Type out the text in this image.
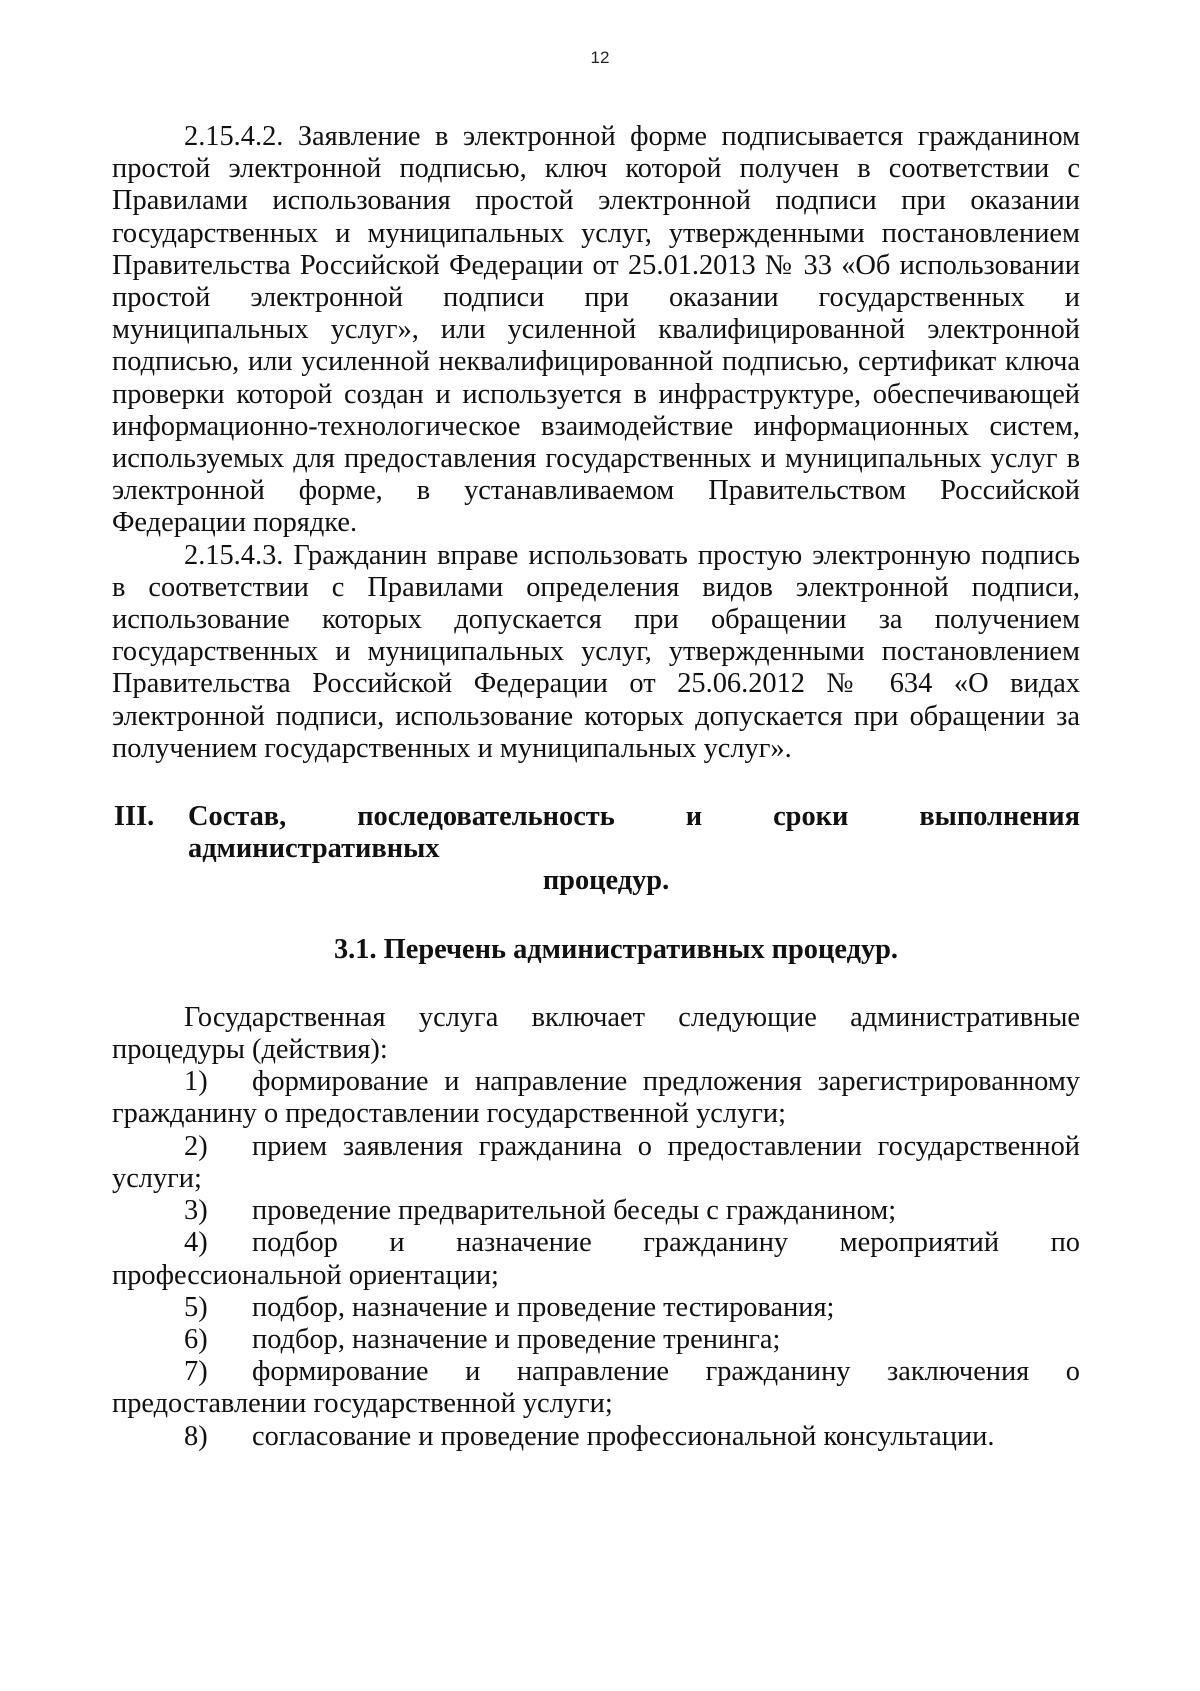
12

2.15.4.2. Заявление в электронной форме подписывается гражданином простой электронной подписью, ключ которой получен в соответствии с Правилами использования простой электронной подписи при оказании государственных и муниципальных услуг, утвержденными постановлением Правительства Российской Федерации от 25.01.2013 № 33 «Об использовании простой электронной подписи при оказании государственных и муниципальных услуг», или усиленной квалифицированной электронной подписью, или усиленной неквалифицированной подписью, сертификат ключа проверки которой создан и используется в инфраструктуре, обеспечивающей информационно-технологическое взаимодействие информационных систем, используемых для предоставления государственных и муниципальных услуг в электронной форме, в устанавливаемом Правительством Российской Федерации порядке.

2.15.4.3. Гражданин вправе использовать простую электронную подпись в соответствии с Правилами определения видов электронной подписи, использование которых допускается при обращении за получением государственных и муниципальных услуг, утвержденными постановлением Правительства Российской Федерации от 25.06.2012 № 634 «О видах электронной подписи, использование которых допускается при обращении за получением государственных и муниципальных услуг».

III.	Состав, последовательность и сроки выполнения административных
процедур.
3.1. Перечень административных процедур.
Государственная услуга включает следующие административные
процедуры (действия):
1) формирование и направление предложения зарегистрированному гражданину о предоставлении государственной услуги;
2) прием заявления гражданина о предоставлении государственной услуги;
3) проведение предварительной беседы с гражданином;
4) подбор и назначение гражданину мероприятий по профессиональной ориентации;
5) подбор, назначение и проведение тестирования;
6) подбор, назначение и проведение тренинга;
7) формирование и направление гражданину заключения о предоставлении государственной услуги;
8) согласование и проведение профессиональной консультации.
